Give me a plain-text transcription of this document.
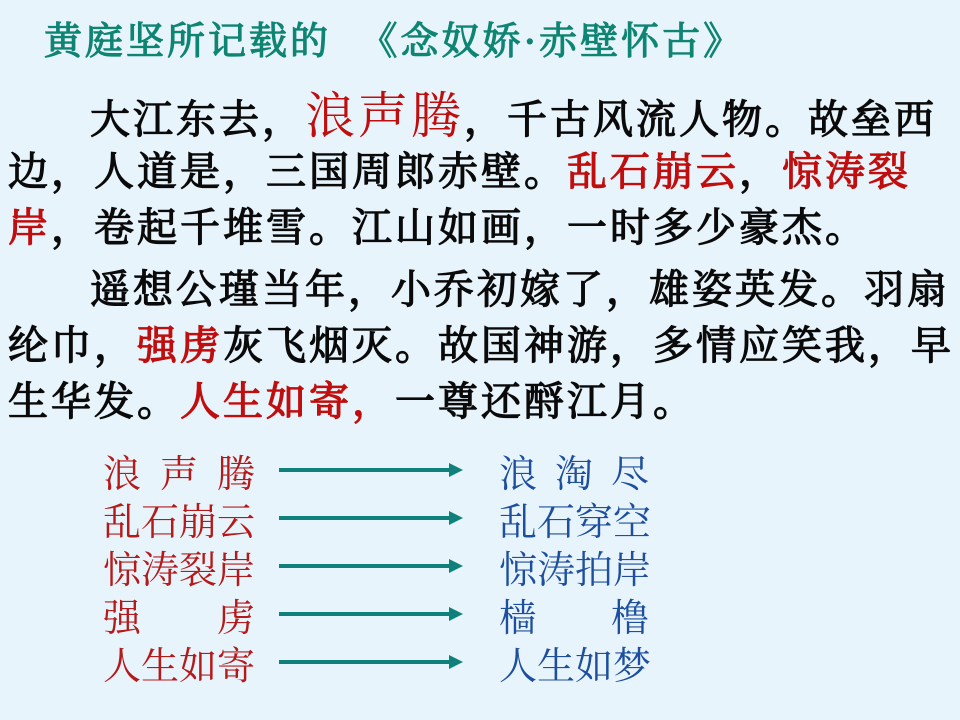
黄庭坚所记载的 《念奴娇·赤壁怀古》
大江东去，浪声腾，千古风流人物。故垒西
边，人道是，三国周郎赤壁。乱石崩云，惊涛裂
岸，卷起千堆雪。江山如画，一时多少豪杰。
遥想公瑾当年，小乔初嫁了，雄姿英发。羽扇
纶巾，强虏灰飞烟灭。故国神游，多情应笑我，早
生华发。人生如寄，一尊还酹江月。
浪声腾	浪淘尽
乱石崩云	乱石穿空
惊涛裂岸	惊涛拍岸
强虏	樯橹
人生如寄	人生如梦
